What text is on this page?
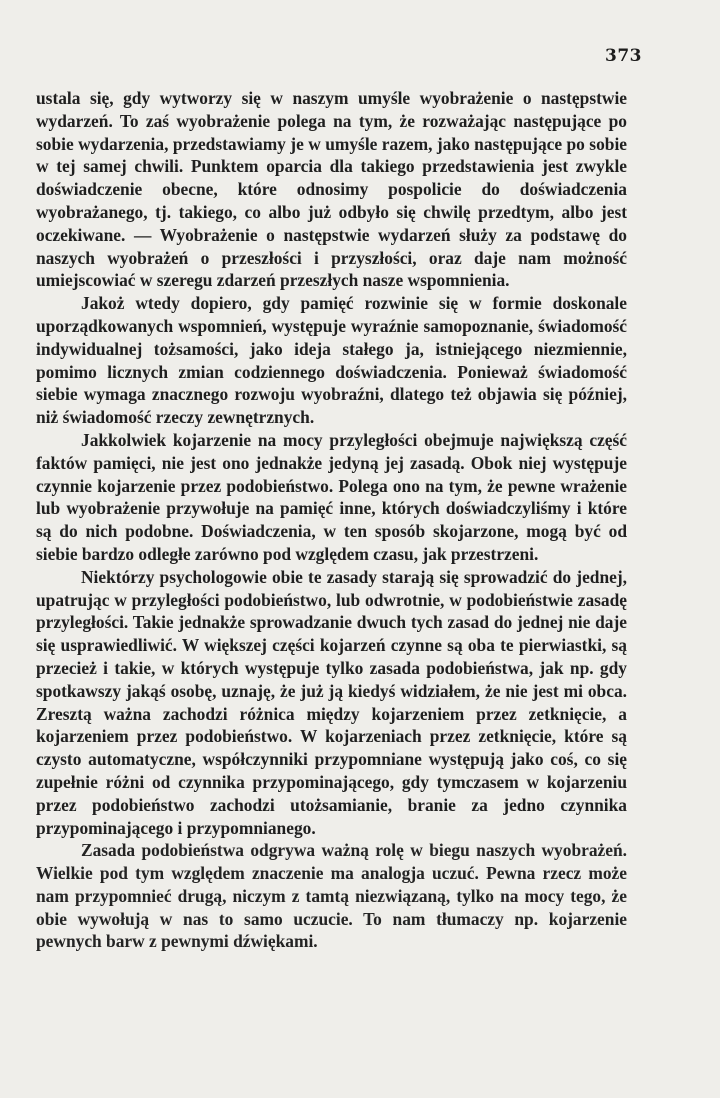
373

ustala się, gdy wytworzy się w naszym umyśle wyobrażenie o następstwie wydarzeń. To zaś wyobrażenie polega na tym, że rozważając następujące po sobie wydarzenia, przedstawiamy je w umyśle razem, jako następujące po sobie w tej samej chwili. Punktem oparcia dla takiego przedstawienia jest zwykle doświadczenie obecne, które odnosimy pospolicie do doświadczenia wyobrażanego, tj. takiego, co albo już odbyło się chwilę przedtym, albo jest oczekiwane. — Wyobrażenie o następstwie wydarzeń służy za podstawę do naszych wyobrażeń o przeszłości i przyszłości, oraz daje nam możność umiejscowiać w szeregu zdarzeń przeszłych nasze wspomnienia.

Jakoż wtedy dopiero, gdy pamięć rozwinie się w formie doskonale uporządkowanych wspomnień, występuje wyraźnie samopoznanie, świadomość indywidualnej tożsamości, jako ideja stałego ja, istniejącego niezmiennie, pomimo licznych zmian codziennego doświadczenia. Ponieważ świadomość siebie wymaga znacznego rozwoju wyobraźni, dlatego też objawia się później, niż świadomość rzeczy zewnętrznych.

Jakkolwiek kojarzenie na mocy przyległości obejmuje największą część faktów pamięci, nie jest ono jednakże jedyną jej zasadą. Obok niej występuje czynnie kojarzenie przez podobieństwo. Polega ono na tym, że pewne wrażenie lub wyobrażenie przywołuje na pamięć inne, których doświadczyliśmy i które są do nich podobne. Doświadczenia, w ten sposób skojarzone, mogą być od siebie bardzo odległe zarówno pod względem czasu, jak przestrzeni.

Niektórzy psychologowie obie te zasady starają się sprowadzić do jednej, upatrując w przyległości podobieństwo, lub odwrotnie, w podobieństwie zasadę przyległości. Takie jednakże sprowadzanie dwuch tych zasad do jednej nie daje się usprawiedliwić. W większej części kojarzeń czynne są oba te pierwiastki, są przecież i takie, w których występuje tylko zasada podobieństwa, jak np. gdy spotkawszy jakąś osobę, uznaję, że już ją kiedyś widziałem, że nie jest mi obca. Zresztą ważna zachodzi różnica między kojarzeniem przez zetknięcie, a kojarzeniem przez podobieństwo. W kojarzeniach przez zetknięcie, które są czysto automatyczne, współczynniki przypomniane występują jako coś, co się zupełnie różni od czynnika przypominającego, gdy tymczasem w kojarzeniu przez podobieństwo zachodzi utożsamianie, branie za jedno czynnika przypominającego i przypomnianego.

Zasada podobieństwa odgrywa ważną rolę w biegu naszych wyobrażeń. Wielkie pod tym względem znaczenie ma analogja uczuć. Pewna rzecz może nam przypomnieć drugą, niczym z tamtą niezwiązaną, tylko na mocy tego, że obie wywołują w nas to samo uczucie. To nam tłumaczy np. kojarzenie pewnych barw z pewnymi dźwiękami.
